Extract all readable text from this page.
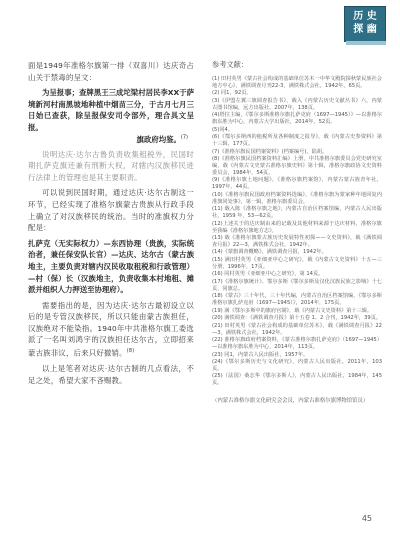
历 史
探 幽

面是1949年准格尔旗第一排（双喜川）达庆奇占山关于禁毒的呈文：

为呈报事；查牌黑王三成坨梁村居民李XX于萨境新河村南黑坡地种植中烟苗三分，于古月七月三日始已查获，除呈报保安司令部外，理合具文呈报。

旗政府均鉴。$^{(7)}$

说明达庆·达尔古鲁负责收集租税外，民国时期扎萨克旗还兼有刑断大权，对辖内汉族移民进行法律上的管理也是其主要职责。

可以说到民国时期，通过达庆·达尔古制这一环节，已经实现了准格尔旗蒙古贵族从行政手段上确立了对汉族移民的统治。当时的准旗权力分配是：

扎萨克（无实际权力）—东西协理（贵族，实际统治者，兼任保安队长官）—达庆、达尔古（蒙古族地主，主要负责对辖内汉民收取租税和行政管理）—村（保）长（汉族地主，负责收集本村地租、摊派并组织人力押送至协理府）。

需要指出的是，因为达庆·达尔古最初设立以后的是专管汉族移民，所以只能由蒙古族担任，汉族绝对不能染指。1940年中共准格尔旗工委选派了一名叫刘鸿宇的汉族担任达尔古，立即招来蒙古族非议，后来只好撤销。$^{(8)}$

以上是笔者对达庆·达尔古制的几点看法，不足之处，希望大家不吝赐教。

参考文献：

(1) 田村英男《蒙古社会构成的基础单位苏木一中华文殿院探秋蒙民族社会地方中心》，满铁调查月刊22-3，满铁株式会社，1942年，65页。

(2) 同1，92页。

(3)《伊盟左翼三旗调查报告书》，载入《内蒙古历史文献丛书》六，内蒙古图书馆编，远方出版社，2007年，138页。

(4)塔拉主编，《鄂尔多斯准格尔旗扎萨克府（1697—1945）》—以准格尔旗东胜为中心，内蒙古大学出版社，2014年，52页。

(5)同4。

(6)《鄂尔多斯西的租税所及各种制度之报导》，载《内蒙古史参资料》第十三辑，177页。

(7)《准格尔旗民国档案资料》(档案编号)，陆胡。

(8)《准格尔旗民国档案资料汇编》上册，中共准格尔旗委员会党史研究室编，载《内蒙古文史蒙古准格尔旗史料》第十辑，准格尔旗政协文史资料委员会，1984年，54页。

(9)《准格尔旗土地问题》，《准格尔旗档案馆》，内蒙古蒙古族青年社，1997年，44页。

(10)《准格尔旗民国政府档案资料选编》，《准格尔旗为蒙家种年地回复内准旗同处事》，第一辑，准格尔旗委员会。

(11) 载入陈《准格尔旗之地》，内蒙古自治区档案馆编，内蒙古人民出版社，1959 年，53—62页。

(12)上述关于的达庆制由来的记载及其他材料来源于达庆材料，准格尔旗至我编《准格尔旗地方志》。

(13) 载《准格尔旗蒙古族历史发展特性初探——文史资料》，载《满铁调查月报》22—3，满铁株式会社，1942年。

(14)《蒙旗调查概略》，满铁调查月报，1942年。

(15) 满田村英男《亚细亚中心之研究》，载《内蒙古文史资料》十五—三分册，1996年，17页。

(16) 同村英男《亚细亚中心之研究》，第 14页。

(17)《准格尔旗统计》、鄂尔多斯《鄂尔多斯及汉化汉族民族之影响》十七页，同旗总。

(18)《蒙古》三十年代，三十年代编，内蒙古自治区档案馆编，《鄂尔多斯准格尔旗扎萨克府（1697—1945）》，2014年，175页。

(19) 满《鄂尔多斯中的旗府官制》，载《内蒙古文史资料》第十三辑。

(20) 满铁调查：《满铁调查月报》第十五卷 1、2 合刊，1942年，39页。

(21) 田村英男《蒙古社会构成的基础单位苏木》，载《满铁调查月报》22—3，满铁株式会社，1942年。

(22) 准格尔旗政府档案资料，《蒙古准格尔旗扎萨克府》（1697—1945）—以准格尔旗东胜为中心，2014年，113页。

(23) 同1，内蒙古人民出版社，1957年。

(24)《鄂尔多斯历史与文化研究》，内蒙古人民出版社，2011年，103页。

(25)（法国）桑志华《鄂尔多斯人》，内蒙古人民出版社，1984年，145页。

（内蒙古准格尔旗文化研究会会员，内蒙古准格尔旗博物馆馆员）

45
